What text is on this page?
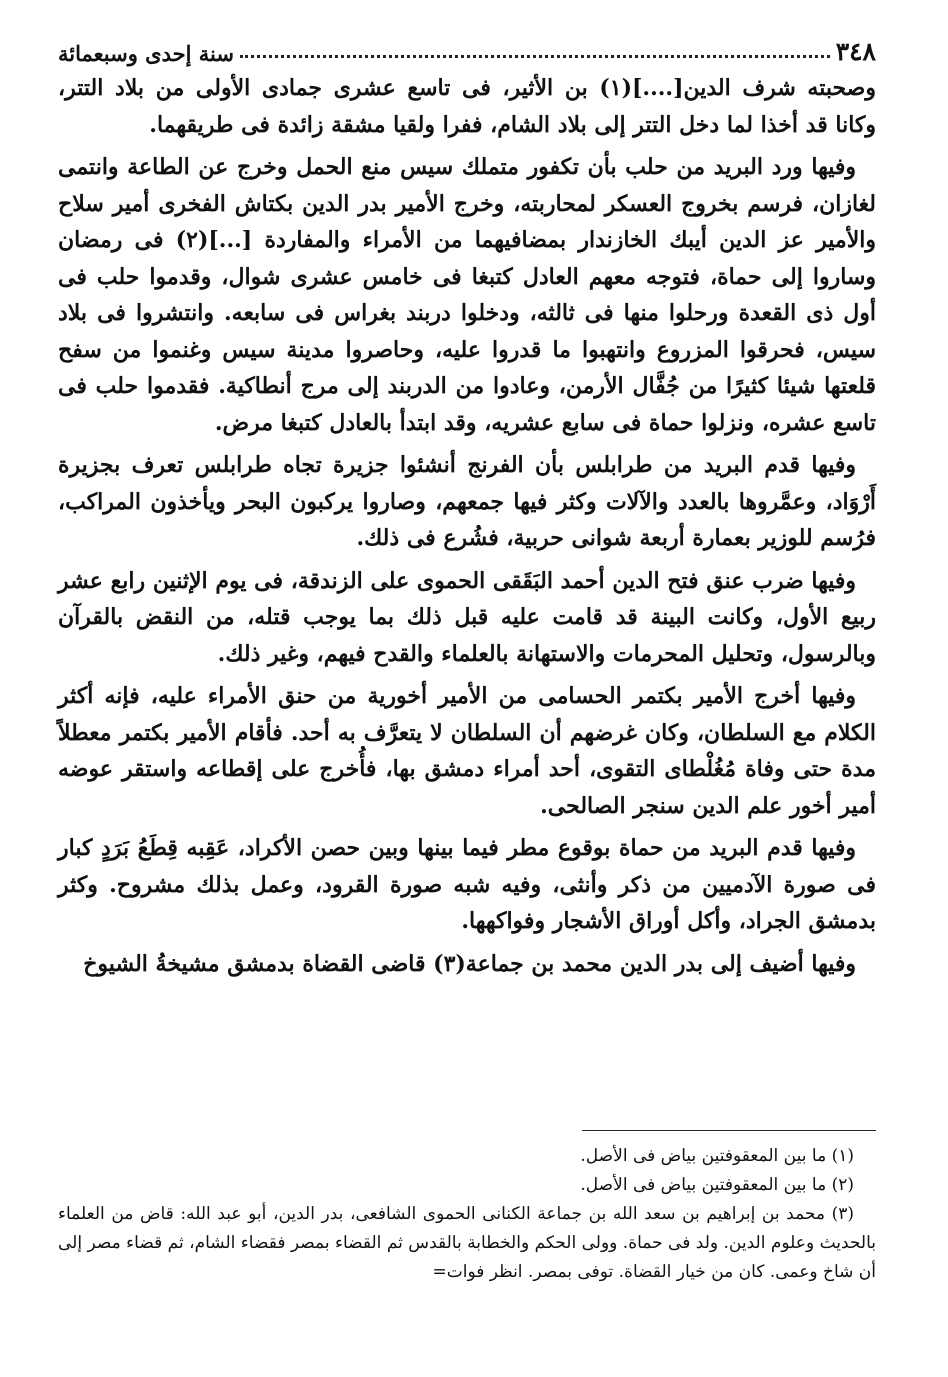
٣٤٨
سنة إحدى وسبعمائة

وصحبته شرف الدين[....](١) بن الأثير، فى تاسع عشرى جمادى الأولى من بلاد التتر، وكانا قد أخذا لما دخل التتر إلى بلاد الشام، ففرا ولقيا مشقة زائدة فى طريقهما.

وفيها ورد البريد من حلب بأن تكفور متملك سيس منع الحمل وخرج عن الطاعة وانتمى لغازان، فرسم بخروج العسكر لمحاربته، وخرج الأمير بدر الدين بكتاش الفخرى أمير سلاح والأمير عز الدين أيبك الخازندار بمضافيهما من الأمراء والمفاردة [...](٢) فى رمضان وساروا إلى حماة، فتوجه معهم العادل كتبغا فى خامس عشرى شوال، وقدموا حلب فى أول ذى القعدة ورحلوا منها فى ثالثه، ودخلوا دربند بغراس فى سابعه. وانتشروا فى بلاد سيس، فحرقوا المزروع وانتهبوا ما قدروا عليه، وحاصروا مدينة سيس وغنموا من سفح قلعتها شيئا كثيرًا من جُفَّال الأرمن، وعادوا من الدربند إلى مرج أنطاكية. فقدموا حلب فى تاسع عشره، ونزلوا حماة فى سابع عشريه، وقد ابتدأ بالعادل كتبغا مرض.

وفيها قدم البريد من طرابلس بأن الفرنج أنشئوا جزيرة تجاه طرابلس تعرف بجزيرة أَرْوَاد، وعمَّروها بالعدد والآلات وكثر فيها جمعهم، وصاروا يركبون البحر ويأخذون المراكب، فرُسم للوزير بعمارة أربعة شوانى حربية، فشُرع فى ذلك.

وفيها ضرب عنق فتح الدين أحمد البَقَقى الحموى على الزندقة، فى يوم الإثنين رابع عشر ربيع الأول، وكانت البينة قد قامت عليه قبل ذلك بما يوجب قتله، من النقض بالقرآن وبالرسول، وتحليل المحرمات والاستهانة بالعلماء والقدح فيهم، وغير ذلك.

وفيها أخرج الأمير بكتمر الحسامى من الأمير أخورية من حنق الأمراء عليه، فإنه أكثر الكلام مع السلطان، وكان غرضهم أن السلطان لا يتعرَّف به أحد. فأقام الأمير بكتمر معطلاً مدة حتى وفاة مُغُلْطاى التقوى، أحد أمراء دمشق بها، فأُخرج على إقطاعه واستقر عوضه أمير أخور علم الدين سنجر الصالحى.

وفيها قدم البريد من حماة بوقوع مطر فيما بينها وبين حصن الأكراد، عَقِبه قِطَعُ بَرَدٍ كبار فى صورة الآدميين من ذكر وأنثى، وفيه شبه صورة القرود، وعمل بذلك مشروح. وكثر بدمشق الجراد، وأكل أوراق الأشجار وفواكهها.

وفيها أضيف إلى بدر الدين محمد بن جماعة(٣) قاضى القضاة بدمشق مشيخةُ الشيوخ

(١) ما بين المعقوفتين بياض فى الأصل.

(٢) ما بين المعقوفتين بياض فى الأصل.

(٣) محمد بن إبراهيم بن سعد الله بن جماعة الكنانى الحموى الشافعى، بدر الدين، أبو عبد الله: قاض من العلماء بالحديث وعلوم الدين. ولد فى حماة. وولى الحكم والخطابة بالقدس ثم القضاء بمصر فقضاء الشام، ثم قضاء مصر إلى أن شاخ وعمى. كان من خيار القضاة. توفى بمصر. انظر فوات=
